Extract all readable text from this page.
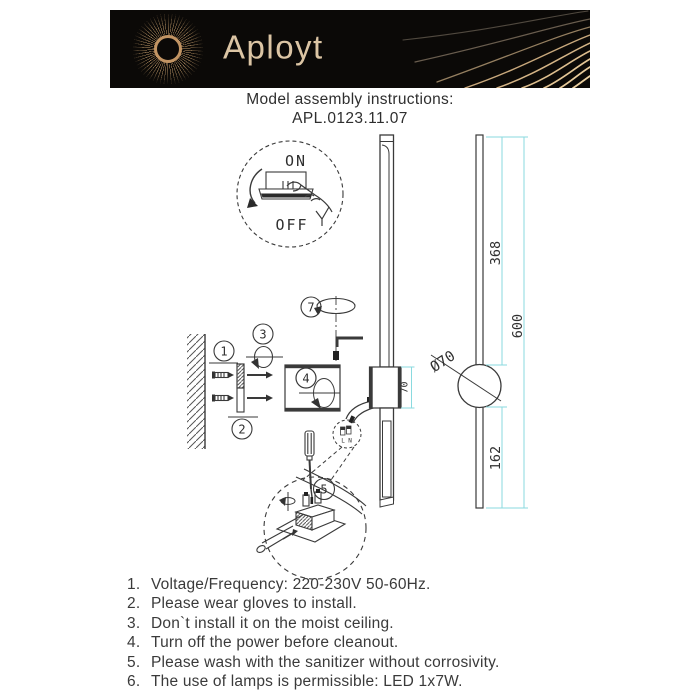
Aployt
Model assembly instructions:
APL.0123.11.07
ON
OFF
1
2
3
7
4
L N
5
70
Ø70
368
600
162
1. Voltage/Frequency: 220-230V 50-60Hz.
2. Please wear gloves to install.
3. Don`t install it on the moist ceiling.
4. Turn off the power before cleanout.
5. Please wash with the sanitizer without corrosivity.
6. The use of lamps is permissible: LED 1x7W.
